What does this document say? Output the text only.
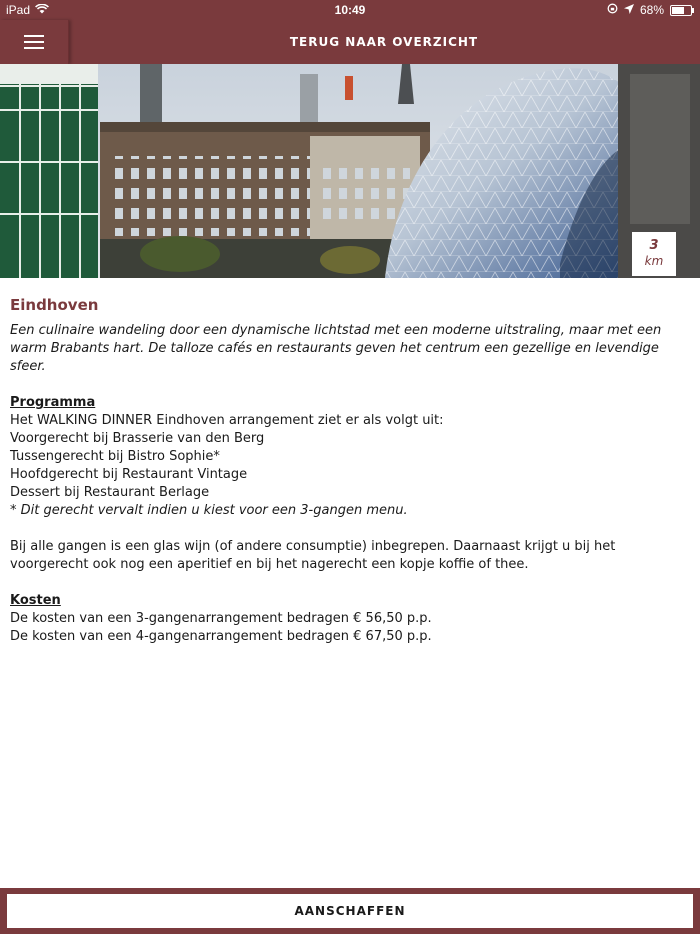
iPad	10:49	68%
TERUG NAAR OVERZICHT
3
km
Eindhoven

Een culinaire wandeling door een dynamische lichtstad met een moderne uitstraling, maar met een warm Brabants hart. De talloze cafés en restaurants geven het centrum een gezellige en levendige sfeer.

Programma

Het WALKING DINNER Eindhoven arrangement ziet er als volgt uit:

Voorgerecht bij Brasserie van den Berg

Tussengerecht bij Bistro Sophie*

Hoofdgerecht bij Restaurant Vintage

Dessert bij Restaurant Berlage

* Dit gerecht vervalt indien u kiest voor een 3-gangen menu.

Bij alle gangen is een glas wijn (of andere consumptie) inbegrepen. Daarnaast krijgt u bij het voorgerecht ook nog een aperitief en bij het nagerecht een kopje koffie of thee.

Kosten

De kosten van een 3-gangenarrangement bedragen € 56,50 p.p.

De kosten van een 4-gangenarrangement bedragen € 67,50 p.p.

AANSCHAFFEN
